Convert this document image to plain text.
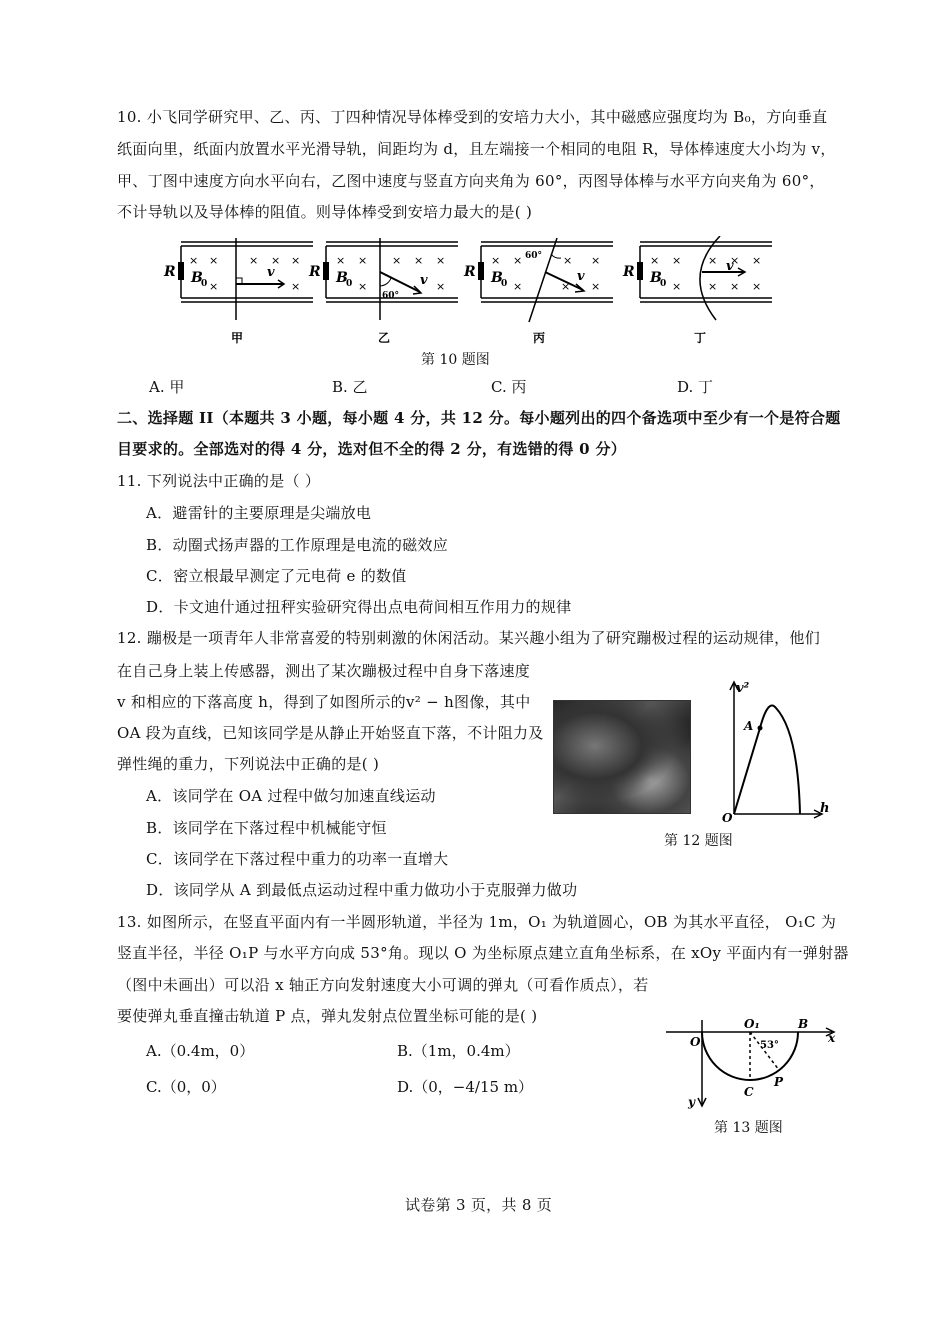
10. 小飞同学研究甲、乙、丙、丁四种情况导体棒受到的安培力大小，其中磁感应强度均为 B₀，方向垂直
纸面向里，纸面内放置水平光滑导轨，间距均为 d，且左端接一个相同的电阻 R，导体棒速度大小均为 v，
甲、丁图中速度方向水平向右，乙图中速度与竖直方向夹角为 60°，丙图导体棒与水平方向夹角为 60°，
不计导轨以及导体棒的阻值。则导体棒受到安培力最大的是( )
× ×	× × ×
×	×
R B
0
v
甲
× × × × ×
×	×
R B
0	v
60°
乙
× ×	× ×
×	× ×
R B
0	v
60°
丙
× × × × ×
× × × ×
R B
0
v
丁
第 10 题图
A. 甲	B. 乙	C. 丙	D. 丁
二、选择题 II（本题共 3 小题，每小题 4 分，共 12 分。每小题列出的四个备选项中至少有一个是符合题
目要求的。全部选对的得 4 分，选对但不全的得 2 分，有选错的得 0 分）
11. 下列说法中正确的是（ ）
A．避雷针的主要原理是尖端放电
B．动圈式扬声器的工作原理是电流的磁效应
C．密立根最早测定了元电荷 e 的数值
D．卡文迪什通过扭秤实验研究得出点电荷间相互作用力的规律
12. 蹦极是一项青年人非常喜爱的特别刺激的休闲活动。某兴趣小组为了研究蹦极过程的运动规律，他们
在自己身上装上传感器，测出了某次蹦极过程中自身下落速度
v 和相应的下落高度 h，得到了如图所示的v² − h图像，其中
OA 段为直线，已知该同学是从静止开始竖直下落，不计阻力及
弹性绳的重力，下列说法中正确的是( )
A．该同学在 OA 过程中做匀加速直线运动
B．该同学在下落过程中机械能守恒
C．该同学在下落过程中重力的功率一直增大
D．该同学从 A 到最低点运动过程中重力做功小于克服弹力做功
v²
h
O
A
第 12 题图
13. 如图所示，在竖直平面内有一半圆形轨道，半径为 1m，O₁ 为轨道圆心，OB 为其水平直径， O₁C 为
竖直半径，半径 O₁P 与水平方向成 53°角。现以 O 为坐标原点建立直角坐标系，在 xOy 平面内有一弹射器
（图中未画出）可以沿 x 轴正方向发射速度大小可调的弹丸（可看作质点），若
要使弹丸垂直撞击轨道 P 点，弹丸发射点位置坐标可能的是( )
A.（0.4m，0）	B.（1m，0.4m）
C.（0，0）	D.（0，−4/15 m）
O
O₁	B
x
y
C
P
53°
第 13 题图
试卷第 3 页，共 8 页
